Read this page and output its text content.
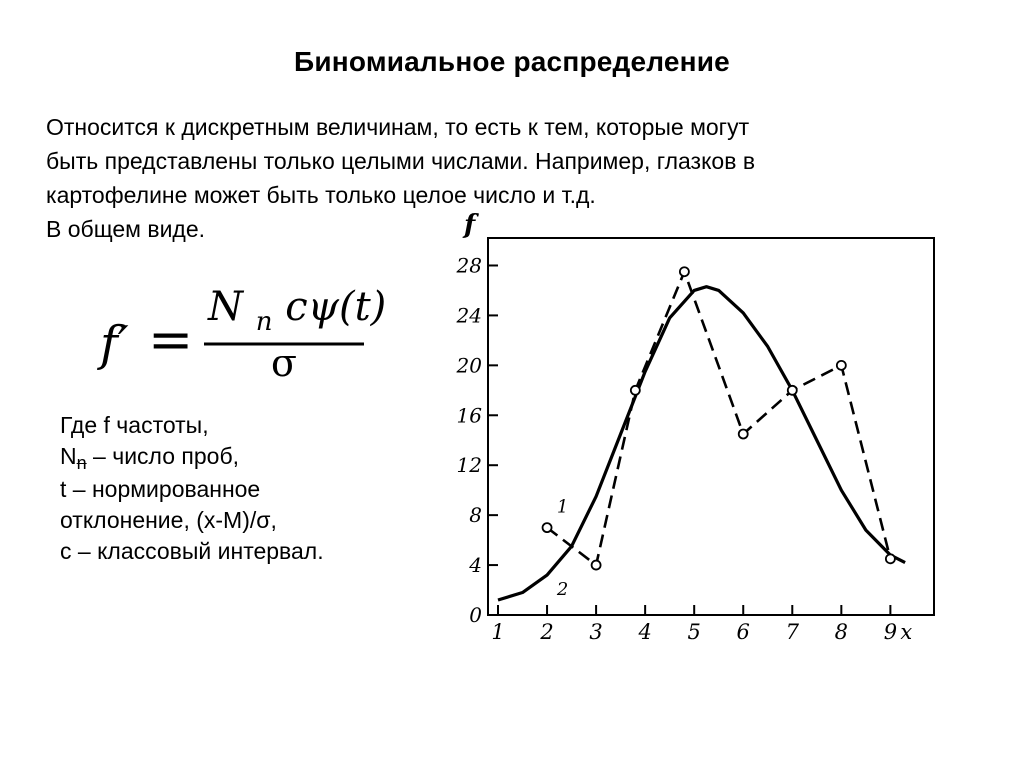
Биномиальное распределение
Относится к дискретным величинам, то есть к тем, которые могут
быть представлены только целыми числами. Например, глазков в
картофелине может быть только целое число и т.д.
В общем виде.
f′ =
N $_n$ cψ(t)
σ
Где f частоты,
$N_n$ – число проб,
t – нормированное
отклонение, (x-M)/σ,
c – классовый интервал.
f
0
4
8
12
16
20
24
28
1 2 3 4 5 6 7 8 9 x
1
2
